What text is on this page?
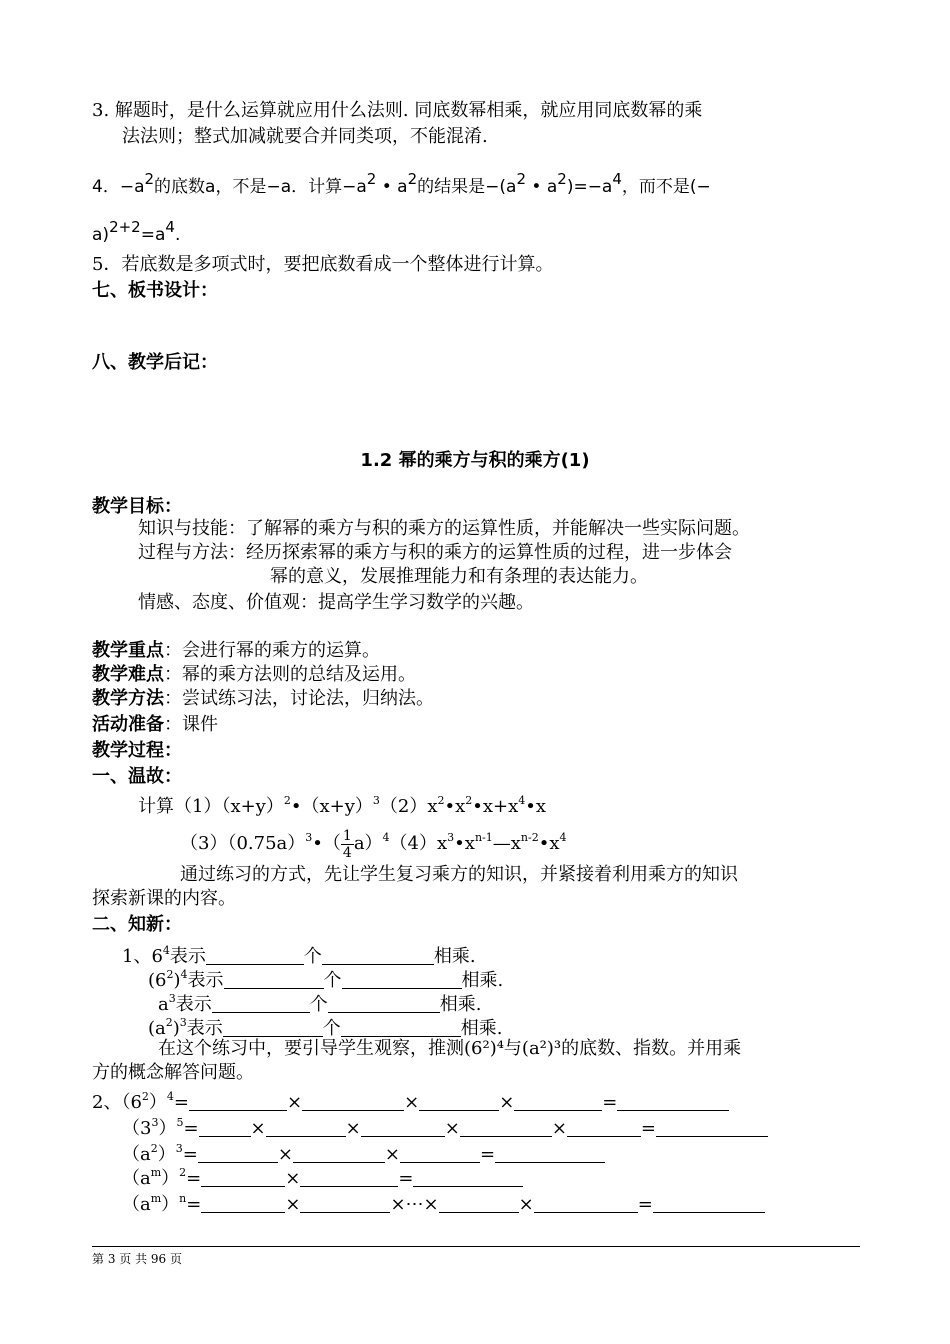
3. 解题时，是什么运算就应用什么法则. 同底数幂相乘，就应用同底数幂的乘
法法则；整式加减就要合并同类项，不能混淆.
4．−a2的底数a，不是−a．计算−a2 • a2的结果是−(a2 • a2)=−a4，而不是(−
a)2+2=a4.
5．若底数是多项式时，要把底数看成一个整体进行计算。
七、板书设计：
八、教学后记：
1.2 幂的乘方与积的乘方(1)
教学目标：
知识与技能：了解幂的乘方与积的乘方的运算性质，并能解决一些实际问题。
过程与方法：经历探索幂的乘方与积的乘方的运算性质的过程，进一步体会
幂的意义，发展推理能力和有条理的表达能力。
情感、态度、价值观：提高学生学习数学的兴趣。
教学重点：会进行幂的乘方的运算。
教学难点：幂的乘方法则的总结及运用。
教学方法：尝试练习法，讨论法，归纳法。
活动准备：课件
教学过程：
一、温故：
计算$(1)(x+y)^2•(x+y)^3(2)x^2•x^2•x+x^4•x$
$(3)(0.75a)^3•( \frac{1}{4}$ $a)^4(4)x^3•x^{n-1}—x^{n-2}•x^4$
通过练习的方式，先让学生复习乘方的知识，并紧接着利用乘方的知识
探索新课的内容。
二、知新：
1、$6^4$表示	个	相乘.
$(6^2)^4$表示	个	相乘.
$a^3$表示	个	相乘.
$(a^2)^3$表示	个	相乘.
在这个练习中，要引导学生观察，推测(6²)⁴与(a²)³的底数、指数。并用乘
方的概念解答问题。
2、$(6^2)^4=$	×	×	×	=
$(3^3)^5=$	×	×	×	×	=
$(a^2)^3=$	×	×	=
$(a^m)^2=$	×	=
$(a^m)^n=$	×	×⋯×	×	=
第 3 页 共 96 页
